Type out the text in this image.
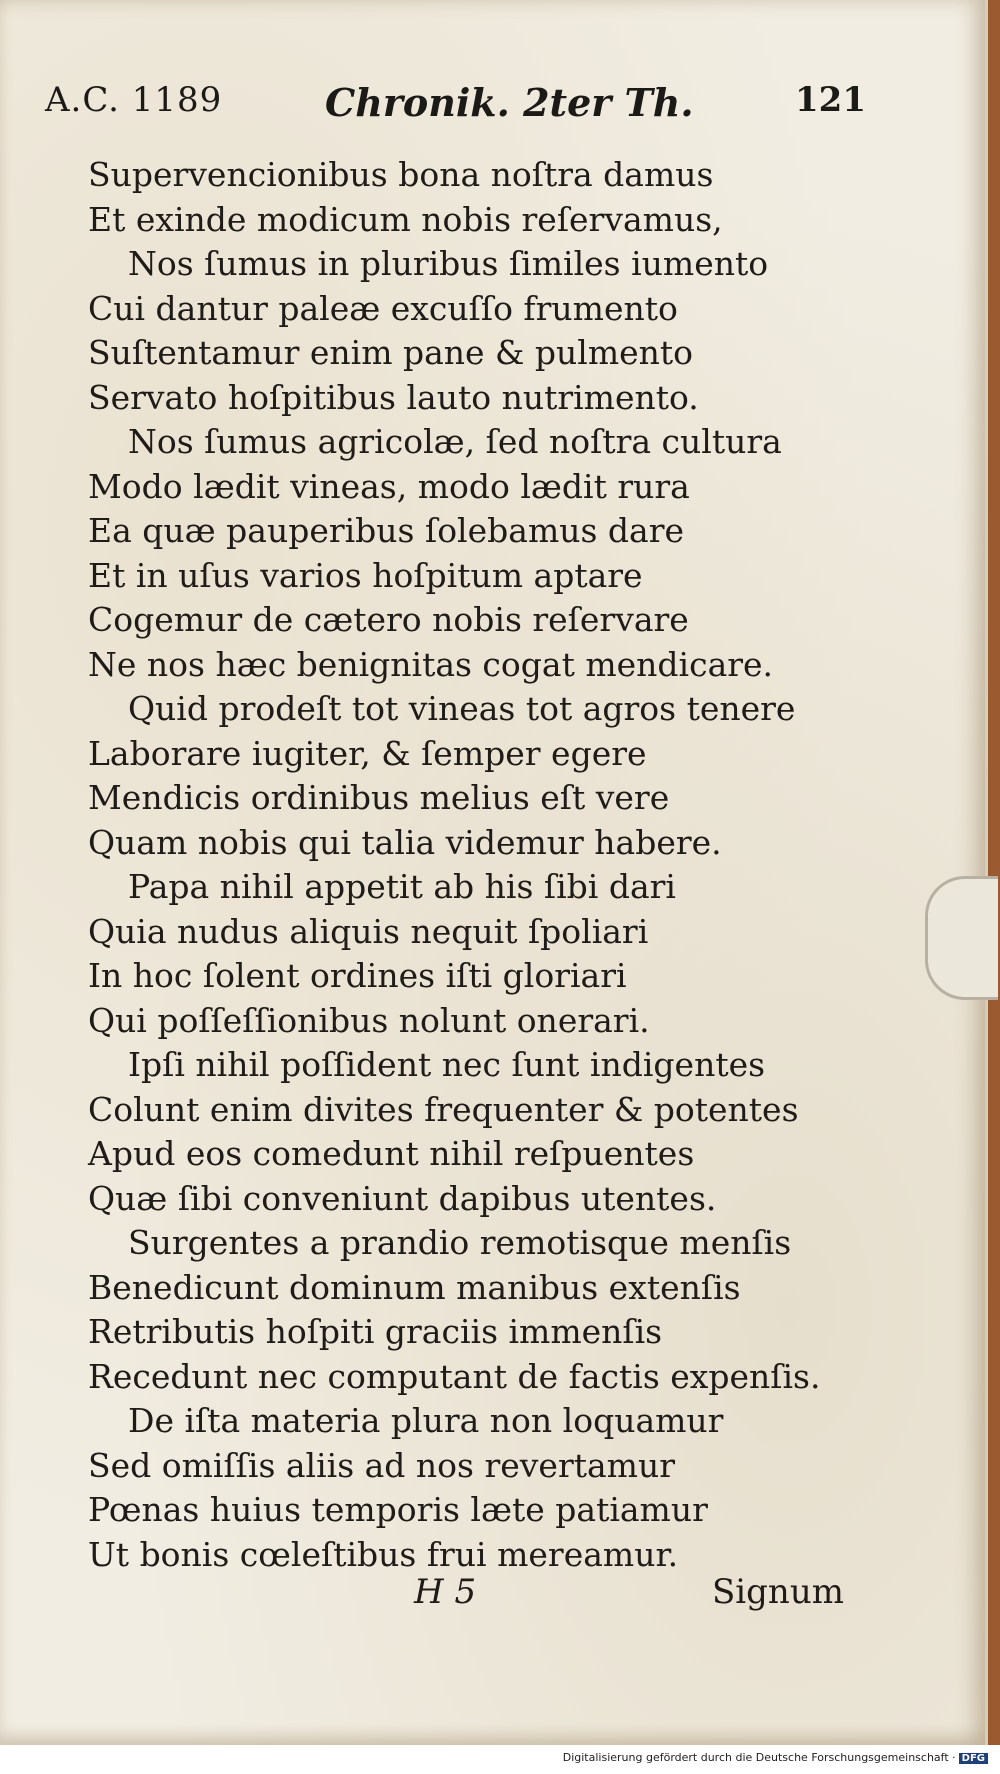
A.C. 1189	Chronik. 2ter Th.	121
Supervencionibus bona noſtra damus
Et exinde modicum nobis reſervamus,
Nos ſumus in pluribus ſimiles iumento
Cui dantur paleæ excuſſo frumento
Suſtentamur enim pane & pulmento
Servato hoſpitibus lauto nutrimento.
Nos ſumus agricolæ, ſed noſtra cultura
Modo lædit vineas, modo lædit rura
Ea quæ pauperibus ſolebamus dare
Et in uſus varios hoſpitum aptare
Cogemur de cætero nobis reſervare
Ne nos hæc benignitas cogat mendicare.
Quid prodeſt tot vineas tot agros tenere
Laborare iugiter, & ſemper egere
Mendicis ordinibus melius eſt vere
Quam nobis qui talia videmur habere.
Papa nihil appetit ab his ſibi dari
Quia nudus aliquis nequit ſpoliari
In hoc ſolent ordines iſti gloriari
Qui poſſeſſionibus nolunt onerari.
Ipſi nihil poſſident nec ſunt indigentes
Colunt enim divites frequenter & potentes
Apud eos comedunt nihil reſpuentes
Quæ ſibi conveniunt dapibus utentes.
Surgentes a prandio remotisque menſis
Benedicunt dominum manibus extenſis
Retributis hoſpiti graciis immenſis
Recedunt nec computant de factis expenſis.
De iſta materia plura non loquamur
Sed omiſſis aliis ad nos revertamur
Pœnas huius temporis læte patiamur
Ut bonis cœleſtibus frui mereamur.
H 5	Signum
Digitalisierung gefördert durch die Deutsche Forschungsgemeinschaft · DFG
